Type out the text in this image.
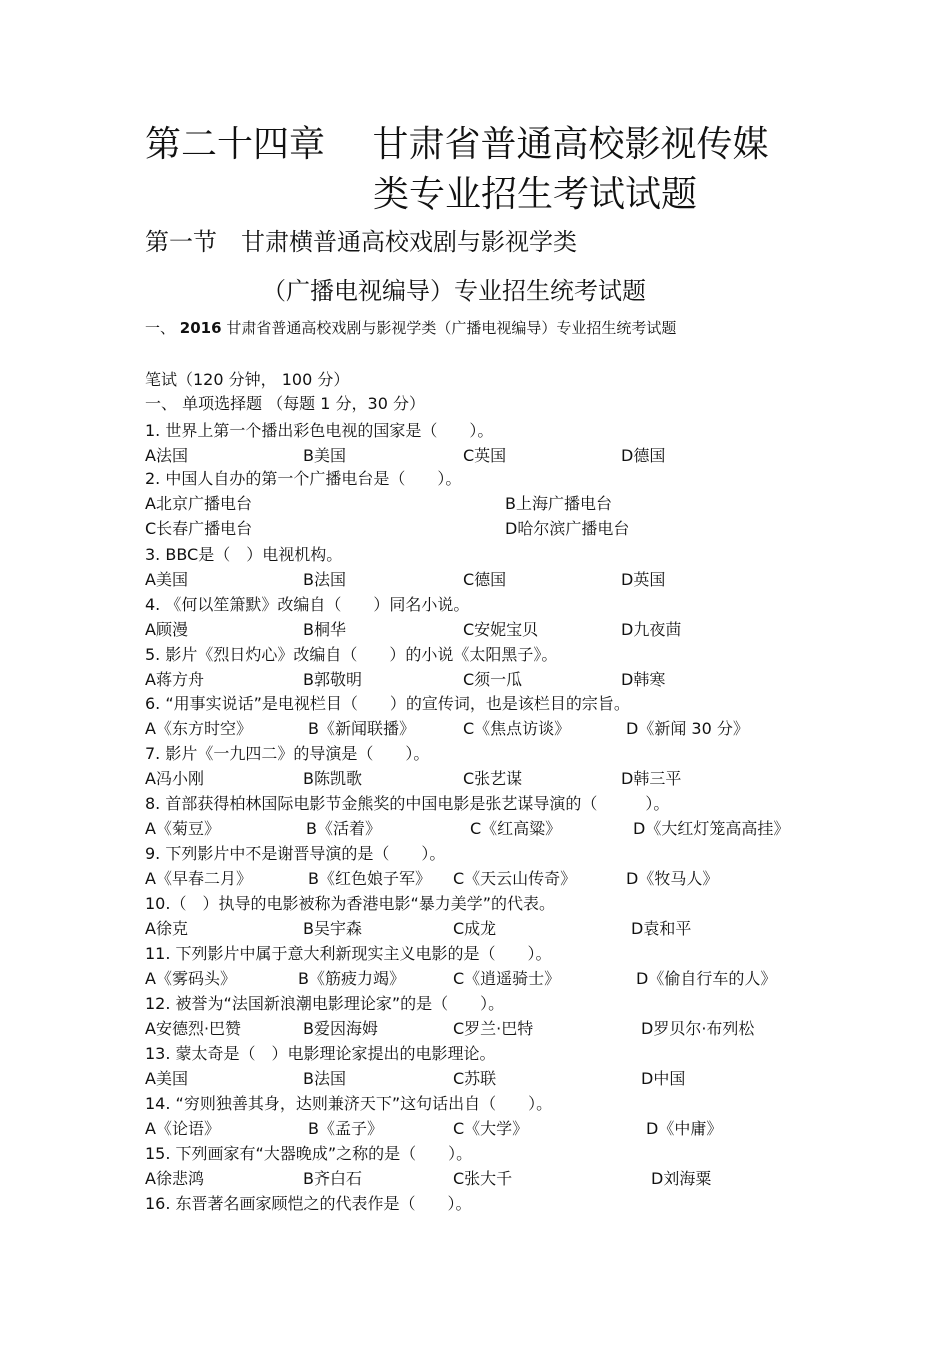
第二十四章　 甘肃省普通高校影视传媒
类专业招生考试试题
第一节　甘肃横普通高校戏剧与影视学类
（广播电视编导）专业招生统考试题
一、 2016 甘肃省普通高校戏剧与影视学类（广播电视编导）专业招生统考试题
笔试（120 分钟， 100 分）
一、 单项选择题 （每题 1 分，30 分）
1. 世界上第一个播出彩色电视的国家是（　　）。
A法国	B美国	C英国	D德国
2. 中国人自办的第一个广播电台是（　　）。
A北京广播电台	B上海广播电台
C长春广播电台	D哈尔滨广播电台
3. BBC是（　）电视机构。
A美国	B法国	C德国	D英国
4. 《何以笙箫默》改编自（　　）同名小说。
A顾漫	B桐华	C安妮宝贝	D九夜茴
5. 影片《烈日灼心》改编自（　　）的小说《太阳黑子》。
A蒋方舟	B郭敬明	C须一瓜	D韩寒
6. “用事实说话”是电视栏目（　　）的宣传词，也是该栏目的宗旨。
A《东方时空》	B《新闻联播》	C《焦点访谈》	D《新闻 30 分》
7. 影片《一九四二》的导演是（　　）。
A冯小刚	B陈凯歌	C张艺谋	D韩三平
8. 首部获得柏林国际电影节金熊奖的中国电影是张艺谋导演的（　　　）。
A《菊豆》	B《活着》	C《红高粱》	D《大红灯笼高高挂》
9. 下列影片中不是谢晋导演的是（　　）。
A《早春二月》	B《红色娘子军》 C《天云山传奇》	D《牧马人》
10.（　）执导的电影被称为香港电影“暴力美学”的代表。
A徐克	B吴宇森	C成龙	D袁和平
11. 下列影片中属于意大利新现实主义电影的是（　　）。
A《雾码头》	B《筋疲力竭》	C《逍遥骑士》	D《偷自行车的人》
12. 被誉为“法国新浪潮电影理论家”的是（　　）。
A安德烈·巴赞	B爱因海姆	C罗兰·巴特	D罗贝尔·布列松
13. 蒙太奇是（　）电影理论家提出的电影理论。
A美国	B法国	C苏联	D中国
14. “穷则独善其身，达则兼济天下”这句话出自（　　）。
A《论语》	B《孟子》	C《大学》	D《中庸》
15. 下列画家有“大器晚成”之称的是（　　）。
A徐悲鸿	B齐白石	C张大千	D刘海粟
16. 东晋著名画家顾恺之的代表作是（　　）。
